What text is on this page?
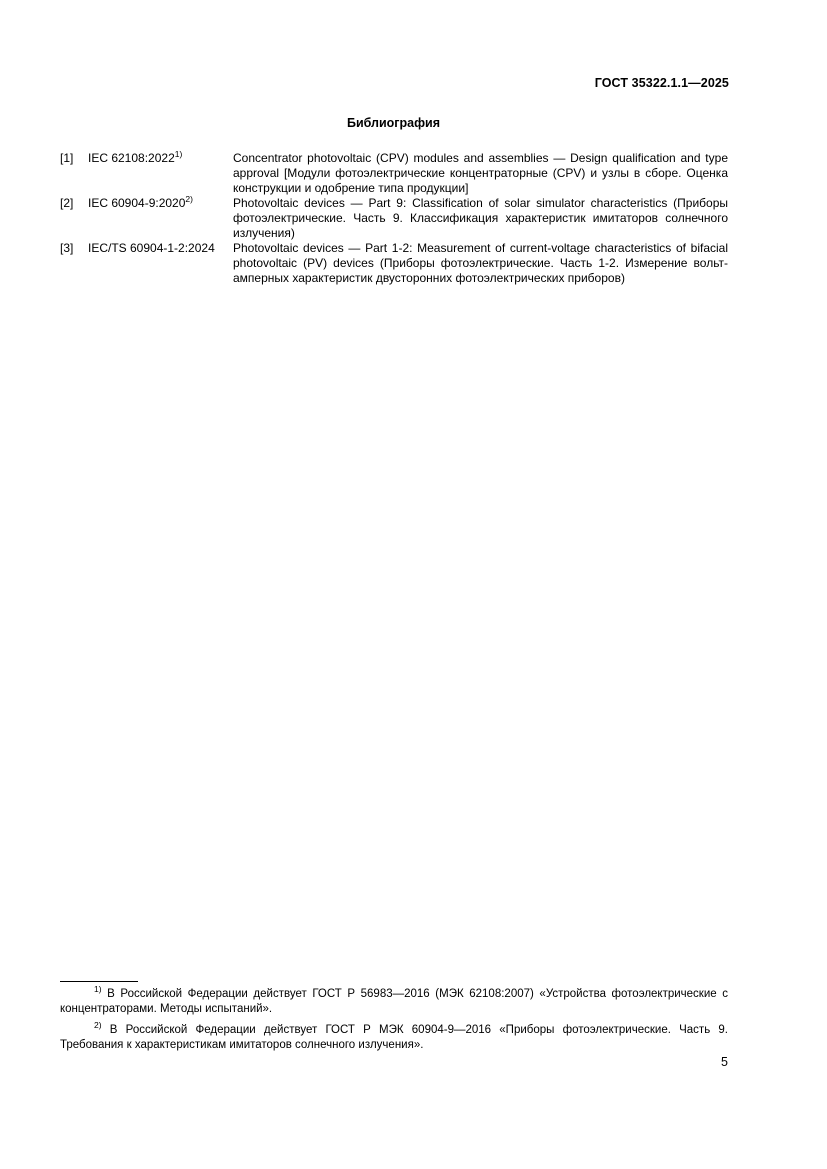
ГОСТ 35322.1.1—2025
Библиография
[1]	IEC 62108:2022$^{1)}$	Concentrator photovoltaic (CPV) modules and assemblies — Design qualification and type approval [Модули фотоэлектрические концентраторные (CPV) и узлы в сборе. Оценка конструкции и одобрение типа продукции]
[2]	IEC 60904-9:2020$^{2)}$	Photovoltaic devices — Part 9: Classification of solar simulator characteristics (Приборы фотоэлектрические. Часть 9. Классификация характеристик имитаторов солнечного излучения)
[3]	IEC/TS 60904-1-2:2024	Photovoltaic devices — Part 1-2: Measurement of current-voltage characteristics of bifacial photovoltaic (PV) devices (Приборы фотоэлектрические. Часть 1-2. Измерение вольт-амперных характеристик двусторонних фотоэлектрических приборов)
$^{1)}$ В Российской Федерации действует ГОСТ Р 56983—2016 (МЭК 62108:2007) «Устройства фотоэлектрические с концентраторами. Методы испытаний».
$^{2)}$ В Российской Федерации действует ГОСТ Р МЭК 60904-9—2016 «Приборы фотоэлектрические. Часть 9. Требования к характеристикам имитаторов солнечного излучения».
5
